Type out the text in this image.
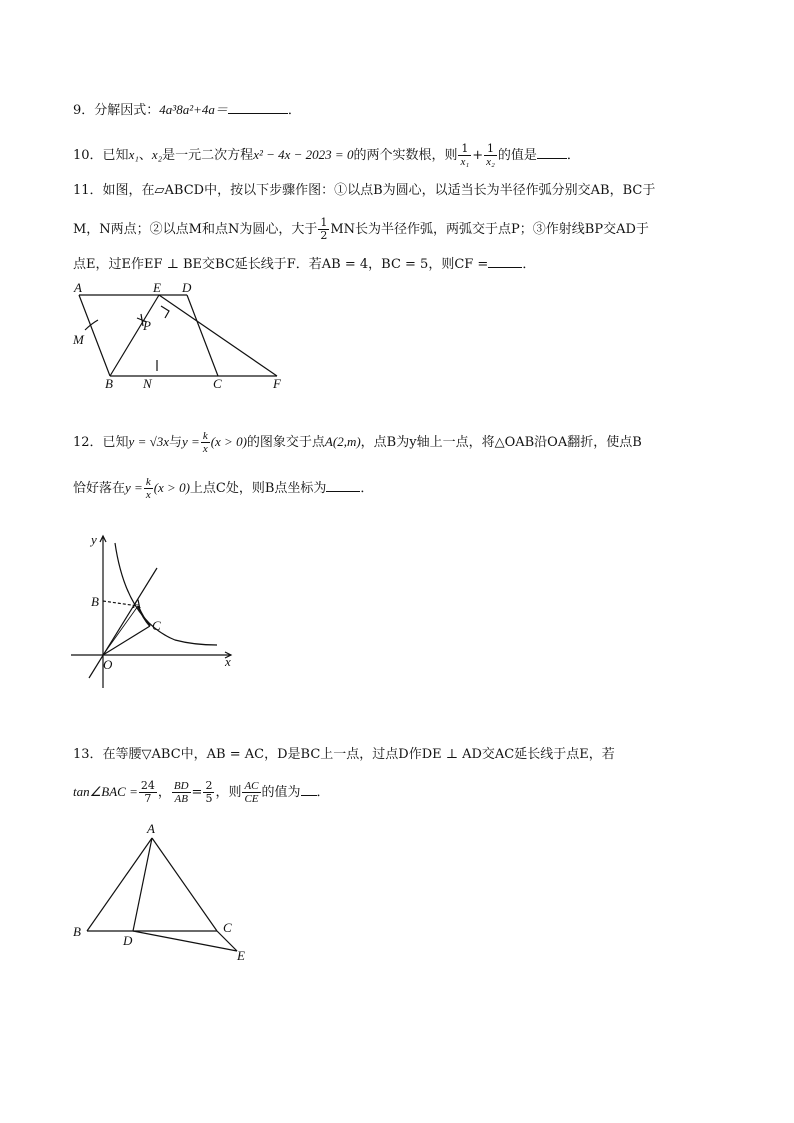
9．分解因式：4a³8a²+4a＝	．
10．已知x₁、x₂是一元二次方程x² − 4x − 2023 = 0的两个实数根，则 $\frac{1}{\text{x₁}} + \frac{1}{\text{x₂}}$ 的值是 ．
11．如图，在▱ABCD中，按以下步骤作图：①以点B为圆心，以适当长为半径作弧分别交AB，BC于
M，N两点；②以点M和点N为圆心，大于 $\frac{1}{2}$ MN长为半径作弧，两弧交于点P；③作射线BP交AD于
点E，过E作EF ⊥ BE交BC延长线于F．若AB = 4，BC = 5，则CF =	．
A	E D
M
P
B N	C	F
12．已知y = √3x与$y = \frac{k}{x} (x > 0)$的图象交于点A(2,m)，点B为y轴上一点，将△OAB沿OA翻折，使点B
恰好落在$y = \frac{k}{x} (x > 0)$上点C处，则B点坐标为	．
y
x
O
B	A
C
13．在等腰▽ABC中，AB = AC，D是BC上一点，过点D作DE ⊥ AD交AC延长线于点E，若
tan∠BAC = $\frac{24}{7}$ ， $\frac{BD}{AB} = \frac{2}{5}$ ，则 $\frac{AC}{CE}$ 的值为 ．
A
B	C
D
E
